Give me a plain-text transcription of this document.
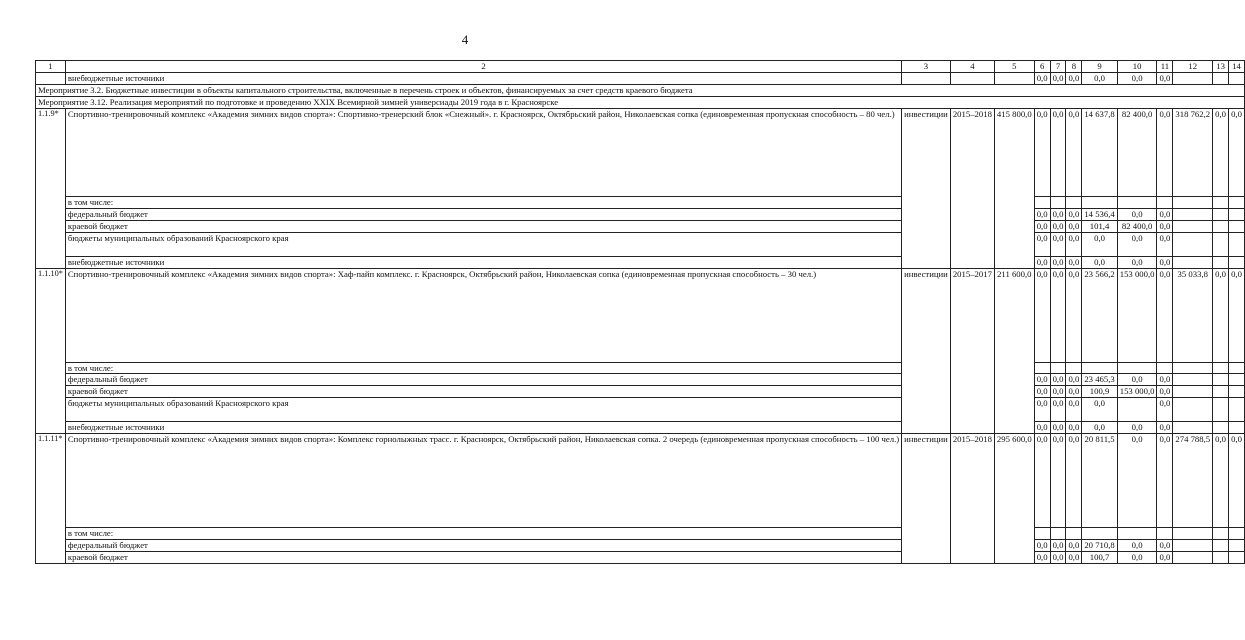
4
1	2	3	4	5	6	7	8	9	10	11	12	13	14
	внебюджетные источники				0,0	0,0	0,0	0,0	0,0	0,0			
Мероприятие 3.2. Бюджетные инвестиции в объекты капитального строительства, включенные в перечень строек и объектов, финансируемых за счет средств краевого бюджета													
Мероприятие 3.12. Реализация мероприятий по подготовке и проведению XXIX Всемирной зимней универсиады 2019 года в г. Красноярске													
1.1.9*	Спортивно-тренировочный комплекс «Академия зимних видов спорта»: Спортивно-тренерский блок «Снежный». г. Красноярск, Октябрьский район, Николаевская сопка (единовременная пропускная способность – 80 чел.)	инвестиции	2015–2018	415 800,0	0,0	0,0	0,0	14 637,8	82 400,0	0,0	318 762,2	0,0	0,0
	в том числе:												
	федеральный бюджет				0,0	0,0	0,0	14 536,4	0,0	0,0			
	краевой бюджет				0,0	0,0	0,0	101,4	82 400,0	0,0			
	бюджеты муниципальных образований Красноярского края				0,0	0,0	0,0	0,0	0,0	0,0			
	внебюджетные источники				0,0	0,0	0,0	0,0	0,0	0,0			
1.1.10*	Спортивно-тренировочный комплекс «Академия зимних видов спорта»: Хаф-пайп комплекс. г. Красноярск, Октябрьский район, Николаевская сопка (единовременная пропускная способность – 30 чел.)	инвестиции	2015–2017	211 600,0	0,0	0,0	0,0	23 566,2	153 000,0	0,0	35 033,8	0,0	0,0
	в том числе:												
	федеральный бюджет				0,0	0,0	0,0	23 465,3	0,0	0,0			
	краевой бюджет				0,0	0,0	0,0	100,9	153 000,0	0,0			
	бюджеты муниципальных образований Красноярского края				0,0	0,0	0,0	0,0		0,0			
	внебюджетные источники				0,0	0,0	0,0	0,0	0,0	0,0			
1.1.11*	Спортивно-тренировочный комплекс «Академия зимних видов спорта»: Комплекс горнолыжных трасс. г. Красноярск, Октябрьский район, Николаевская сопка. 2 очередь (единовременная пропускная способность – 100 чел.)	инвестиции	2015–2018	295 600,0	0,0	0,0	0,0	20 811,5	0,0	0,0	274 788,5	0,0	0,0
	в том числе:												
	федеральный бюджет				0,0	0,0	0,0	20 710,8	0,0	0,0			
	краевой бюджет				0,0	0,0	0,0	100,7	0,0	0,0			
